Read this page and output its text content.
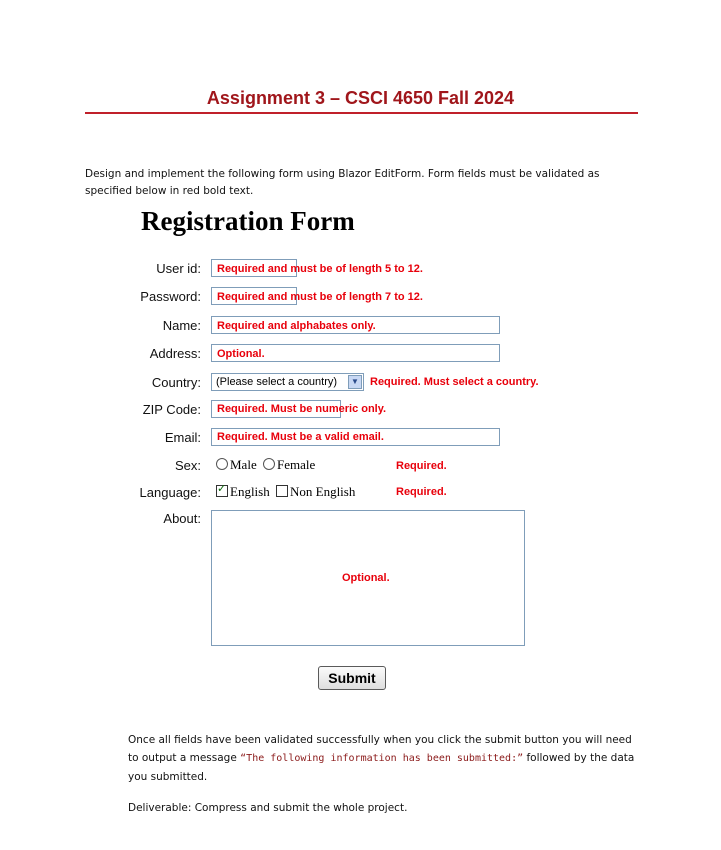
Assignment 3 – CSCI 4650 Fall 2024
Design and implement the following form using Blazor EditForm. Form fields must be validated as specified below in red bold text.
Registration Form
User id: Required and must be of length 5 to 12.
Password: Required and must be of length 7 to 12.
Name: Required and alphabates only.
Address: Optional.
Country: (Please select a country)	▼ Required. Must select a country.
ZIP Code: Required. Must be numeric only.
Email: Required. Must be a valid email.
Sex:	Male Female	Required.
Language:
✓	English Non English	Required.
About:
Optional.
Submit
Once all fields have been validated successfully when you click the submit button you will need to output a message “The following information has been submitted:” followed by the data you submitted.
Deliverable: Compress and submit the whole project.
